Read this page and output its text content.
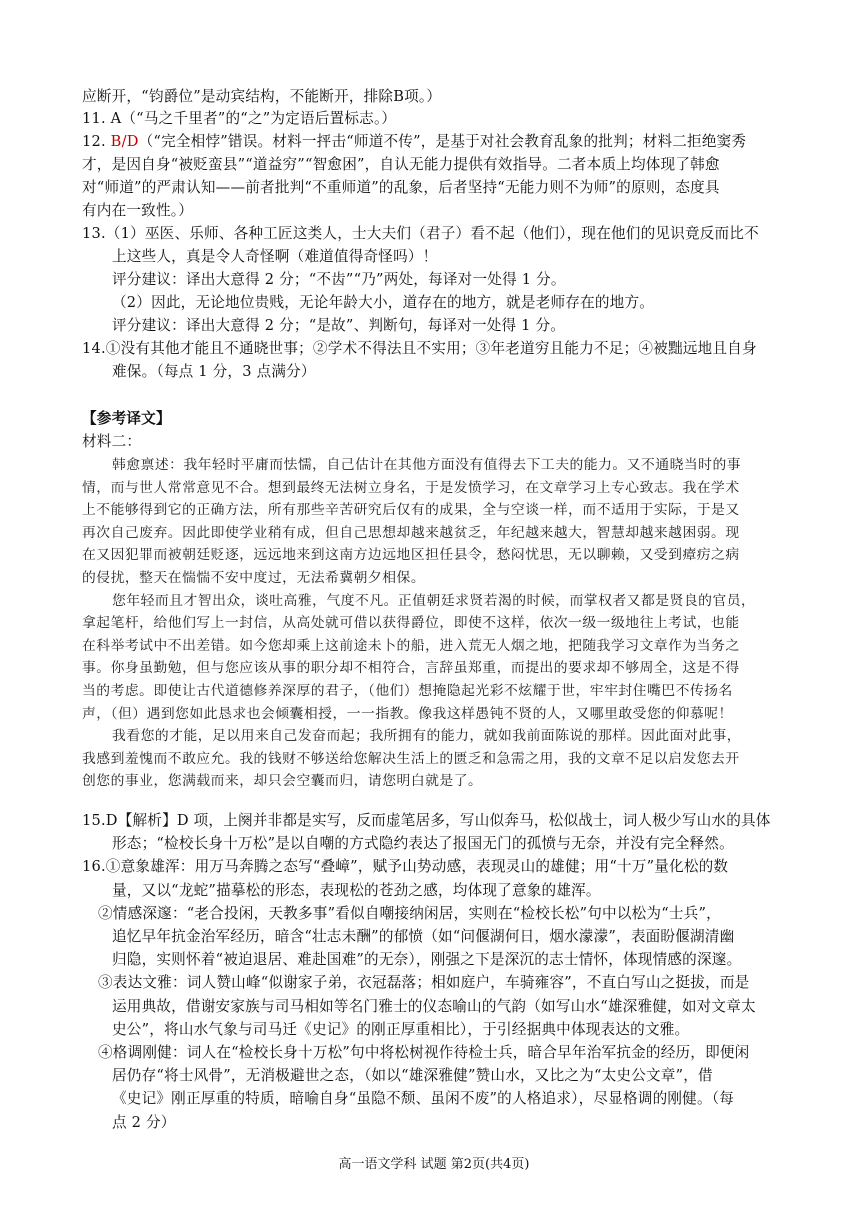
应断开，“钧爵位”是动宾结构，不能断开，排除B项。）
11. A（“马之千里者”的“之”为定语后置标志。）
12. B/D（“完全相悖”错误。材料一抨击“师道不传”，是基于对社会教育乱象的批判；材料二拒绝窦秀
才，是因自身“被贬蛮县”“道益穷”“智愈困”，自认无能力提供有效指导。二者本质上均体现了韩愈
对“师道”的严肃认知——前者批判“不重师道”的乱象，后者坚持“无能力则不为师”的原则，态度具
有内在一致性。）
13.（1）巫医、乐师、各种工匠这类人，士大夫们（君子）看不起（他们），现在他们的见识竟反而比不
上这些人，真是令人奇怪啊（难道值得奇怪吗）！
评分建议：译出大意得 2 分；“不齿”“乃”两处，每译对一处得 1 分。
（2）因此，无论地位贵贱，无论年龄大小，道存在的地方，就是老师存在的地方。
评分建议：译出大意得 2 分；“是故”、判断句，每译对一处得 1 分。
14.①没有其他才能且不通晓世事；②学术不得法且不实用；③年老道穷且能力不足；④被黜远地且自身
难保。（每点 1 分，3 点满分）
【参考译文】
材料二：
韩愈禀述：我年轻时平庸而怯懦，自己估计在其他方面没有值得去下工夫的能力。又不通晓当时的事
情，而与世人常常意见不合。想到最终无法树立身名，于是发愤学习，在文章学习上专心致志。我在学术
上不能够得到它的正确方法，所有那些辛苦研究后仅有的成果，全与空谈一样，而不适用于实际，于是又
再次自己废弃。因此即使学业稍有成，但自己思想却越来越贫乏，年纪越来越大，智慧却越来越困弱。现
在又因犯罪而被朝廷贬逐，远远地来到这南方边远地区担任县令，愁闷忧思，无以聊赖，又受到瘴疠之病
的侵扰，整天在惴惴不安中度过，无法希冀朝夕相保。
您年轻而且才智出众，谈吐高雅，气度不凡。正值朝廷求贤若渴的时候，而掌权者又都是贤良的官员，
拿起笔杆，给他们写上一封信，从高处就可借以获得爵位，即使不这样，依次一级一级地往上考试，也能
在科举考试中不出差错。如今您却乘上这前途未卜的船，进入荒无人烟之地，把随我学习文章作为当务之
事。你身虽勤勉，但与您应该从事的职分却不相符合，言辞虽郑重，而提出的要求却不够周全，这是不得
当的考虑。即使让古代道德修养深厚的君子，（他们）想掩隐起光彩不炫耀于世，牢牢封住嘴巴不传扬名
声，（但）遇到您如此恳求也会倾囊相授，一一指教。像我这样愚钝不贤的人，又哪里敢受您的仰慕呢！
我看您的才能，足以用来自己发奋而起；我所拥有的能力，就如我前面陈说的那样。因此面对此事，
我感到羞愧而不敢应允。我的钱财不够送给您解决生活上的匮乏和急需之用，我的文章不足以启发您去开
创您的事业，您满载而来，却只会空囊而归，请您明白就是了。
15.D【解析】D 项，上阕并非都是实写，反而虚笔居多，写山似奔马，松似战士，词人极少写山水的具体
形态；“检校长身十万松”是以自嘲的方式隐约表达了报国无门的孤愤与无奈，并没有完全释然。
16.①意象雄浑：用万马奔腾之态写“叠嶂”，赋予山势动感，表现灵山的雄健；用“十万”量化松的数
量，又以“龙蛇”描摹松的形态，表现松的苍劲之感，均体现了意象的雄浑。
②情感深邃：“老合投闲，天教多事”看似自嘲接纳闲居，实则在“检校长松”句中以松为“士兵”，
追忆早年抗金治军经历，暗含“壮志未酬”的郁愤（如“问偃湖何日，烟水濛濛”，表面盼偃湖清幽
归隐，实则怀着“被迫退居、难赴国难”的无奈），刚强之下是深沉的志士情怀，体现情感的深邃。
③表达文雅：词人赞山峰“似谢家子弟，衣冠磊落；相如庭户，车骑雍容”，不直白写山之挺拔，而是
运用典故，借谢安家族与司马相如等名门雅士的仪态喻山的气韵（如写山水“雄深雅健，如对文章太
史公”，将山水气象与司马迁《史记》的刚正厚重相比），于引经据典中体现表达的文雅。
④格调刚健：词人在“检校长身十万松”句中将松树视作待检士兵，暗合早年治军抗金的经历，即便闲
居仍存“将士风骨”，无消极避世之态，（如以“雄深雅健”赞山水，又比之为“太史公文章”，借
《史记》刚正厚重的特质，暗喻自身“虽隐不颓、虽闲不废”的人格追求），尽显格调的刚健。（每
点 2 分）
高一语文学科 试题 第2页(共4页)
